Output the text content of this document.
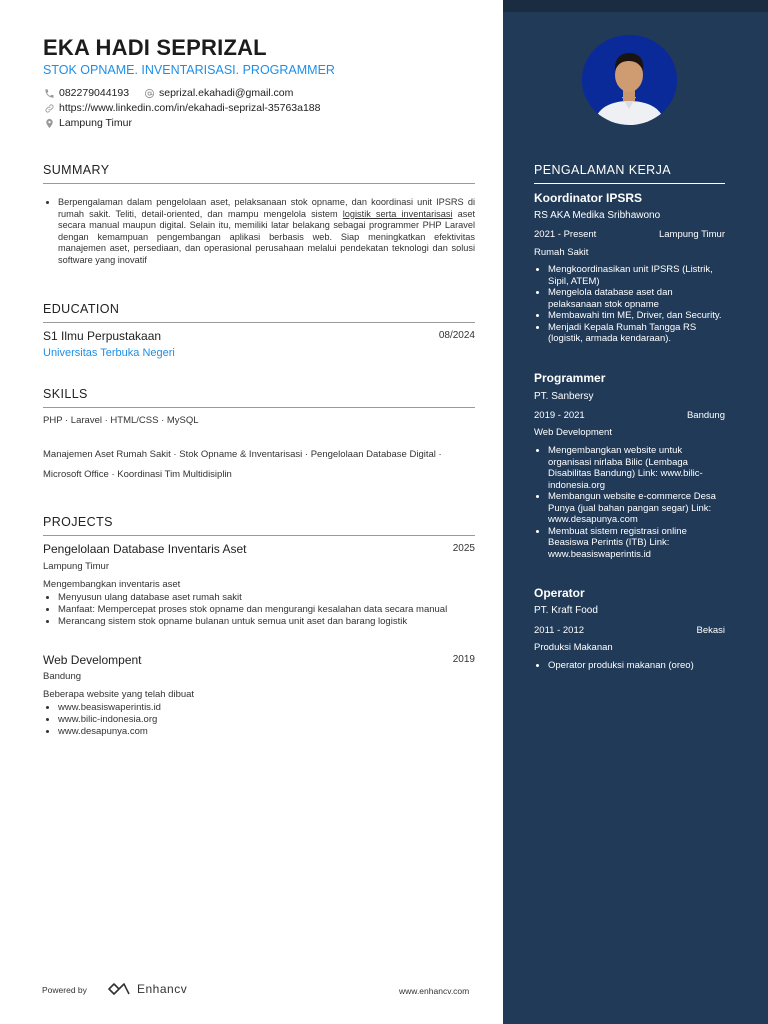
EKA HADI SEPRIZAL
STOK OPNAME. INVENTARISASI. PROGRAMMER
082279044193	seprizal.ekahadi@gmail.com
https://www.linkedin.com/in/ekahadi-seprizal-35763a188
Lampung Timur
SUMMARY
• Berpengalaman dalam pengelolaan aset, pelaksanaan stok opname, dan koordinasi unit IPSRS di rumah sakit. Teliti, detail-oriented, dan mampu mengelola sistem logistik serta inventarisasi aset secara manual maupun digital. Selain itu, memiliki latar belakang sebagai programmer PHP Laravel dengan kemampuan pengembangan aplikasi berbasis web. Siap meningkatkan efektivitas manajemen aset, persediaan, dan operasional perusahaan melalui pendekatan teknologi dan solusi software yang inovatif
EDUCATION
S1 Ilmu Perpustakaan	08/2024
Universitas Terbuka Negeri
SKILLS
PHP · Laravel · HTML/CSS · MySQL
Manajemen Aset Rumah Sakit · Stok Opname & Inventarisasi · Pengelolaan Database Digital ·
Microsoft Office · Koordinasi Tim Multidisiplin
PROJECTS
Pengelolaan Database Inventaris Aset	2025
Lampung Timur
Mengembangkan inventaris aset
• Menyusun ulang database aset rumah sakit
• Manfaat: Mempercepat proses stok opname dan mengurangi kesalahan data secara manual
• Merancang sistem stok opname bulanan untuk semua unit aset dan barang logistik
Web Develompent	2019
Bandung
Beberapa website yang telah dibuat
• www.beasiswaperintis.id
• www.bilic-indonesia.org
• www.desapunya.com
Powered by	Enhancv	www.enhancv.com
PENGALAMAN KERJA
Koordinator IPSRS
RS AKA Medika Sribhawono
2021 - Present	Lampung Timur
Rumah Sakit
• Mengkoordinasikan unit IPSRS (Listrik, Sipil, ATEM)
• Mengelola database aset dan pelaksanaan stok opname
• Membawahi tim ME, Driver, dan Security.
• Menjadi Kepala Rumah Tangga RS (logistik, armada kendaraan).
Programmer
PT. Sanbersy
2019 - 2021	Bandung
Web Development
• Mengembangkan website untuk organisasi nirlaba Bilic (Lembaga Disabilitas Bandung) Link: www.bilic-indonesia.org
• Membangun website e-commerce Desa Punya (jual bahan pangan segar) Link: www.desapunya.com
• Membuat sistem registrasi online Beasiswa Perintis (ITB) Link: www.beasiswaperintis.id
Operator
PT. Kraft Food
2011 - 2012	Bekasi
Produksi Makanan
• Operator produksi makanan (oreo)
